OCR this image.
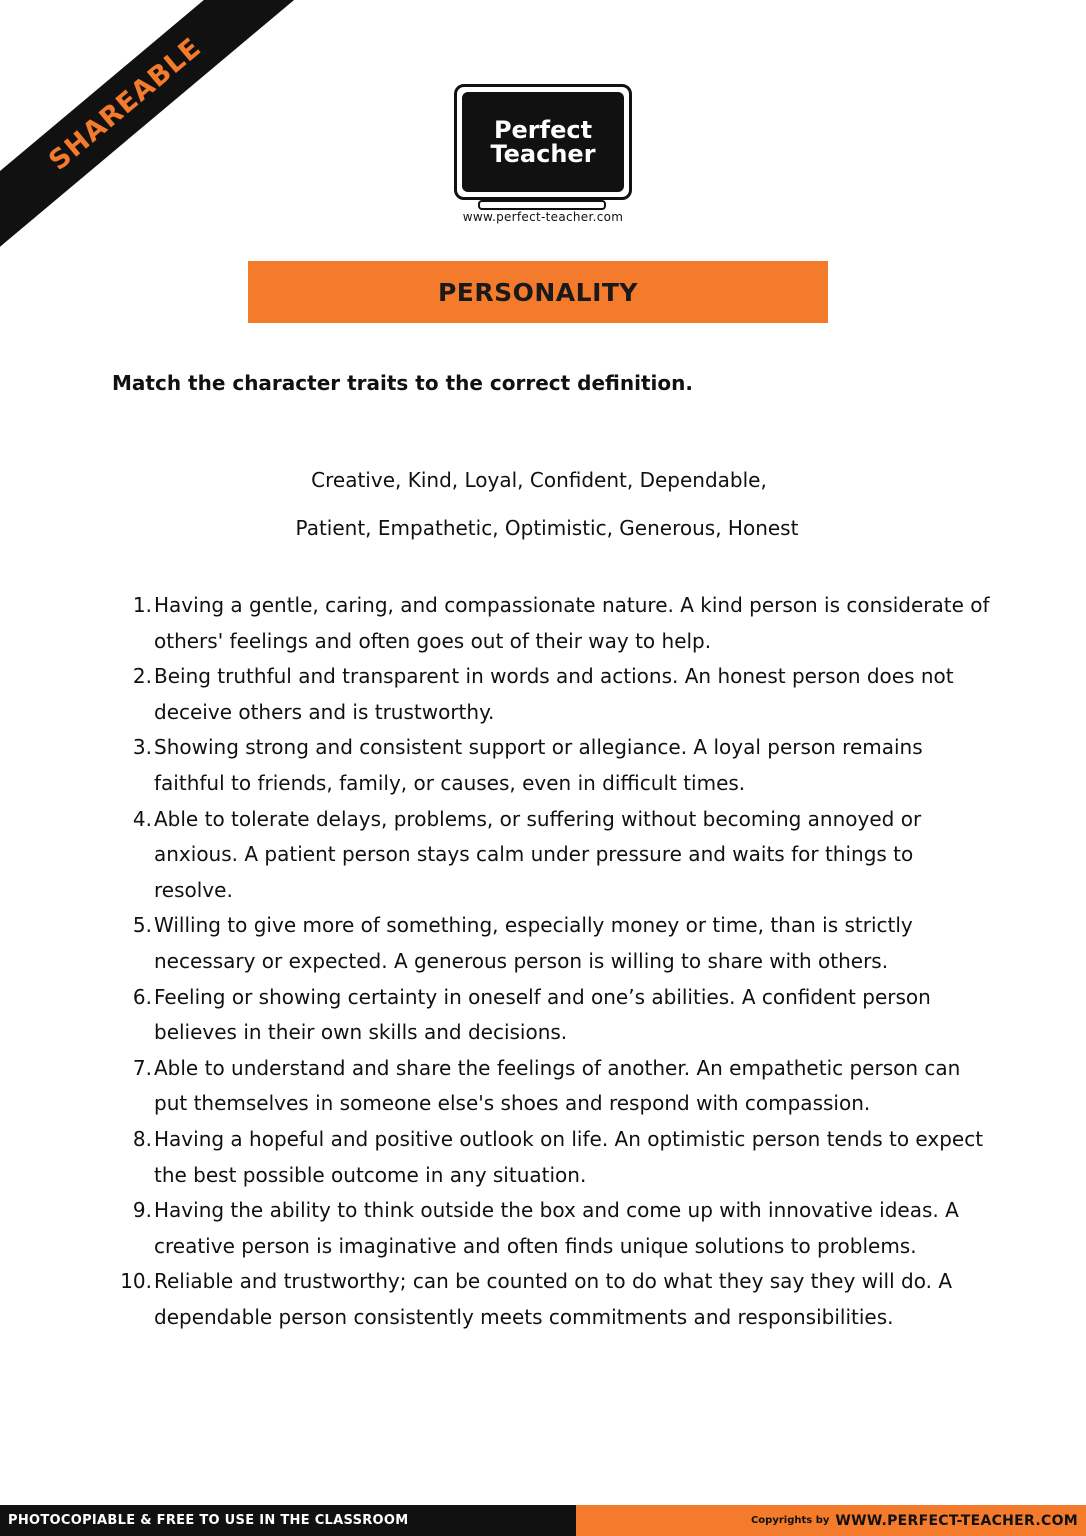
SHAREABLE	Perfect
Teacher
www.perfect-teacher.com
PERSONALITY
Match the character traits to the correct definition.
Creative, Kind, Loyal, Confident, Dependable,
Patient, Empathetic, Optimistic, Generous, Honest
1. Having a gentle, caring, and compassionate nature. A kind person is considerate of others' feelings and often goes out of their way to help.
2. Being truthful and transparent in words and actions. An honest person does not deceive others and is trustworthy.
3. Showing strong and consistent support or allegiance. A loyal person remains faithful to friends, family, or causes, even in difficult times.
4. Able to tolerate delays, problems, or suffering without becoming annoyed or anxious. A patient person stays calm under pressure and waits for things to resolve.
5. Willing to give more of something, especially money or time, than is strictly necessary or expected. A generous person is willing to share with others.
6. Feeling or showing certainty in oneself and one’s abilities. A confident person believes in their own skills and decisions.
7. Able to understand and share the feelings of another. An empathetic person can put themselves in someone else's shoes and respond with compassion.
8. Having a hopeful and positive outlook on life. An optimistic person tends to expect the best possible outcome in any situation.
9. Having the ability to think outside the box and come up with innovative ideas. A creative person is imaginative and often finds unique solutions to problems.
10. Reliable and trustworthy; can be counted on to do what they say they will do. A dependable person consistently meets commitments and responsibilities.
PHOTOCOPIABLE & FREE TO USE IN THE CLASSROOM	Copyrights by WWW.PERFECT-TEACHER.COM
